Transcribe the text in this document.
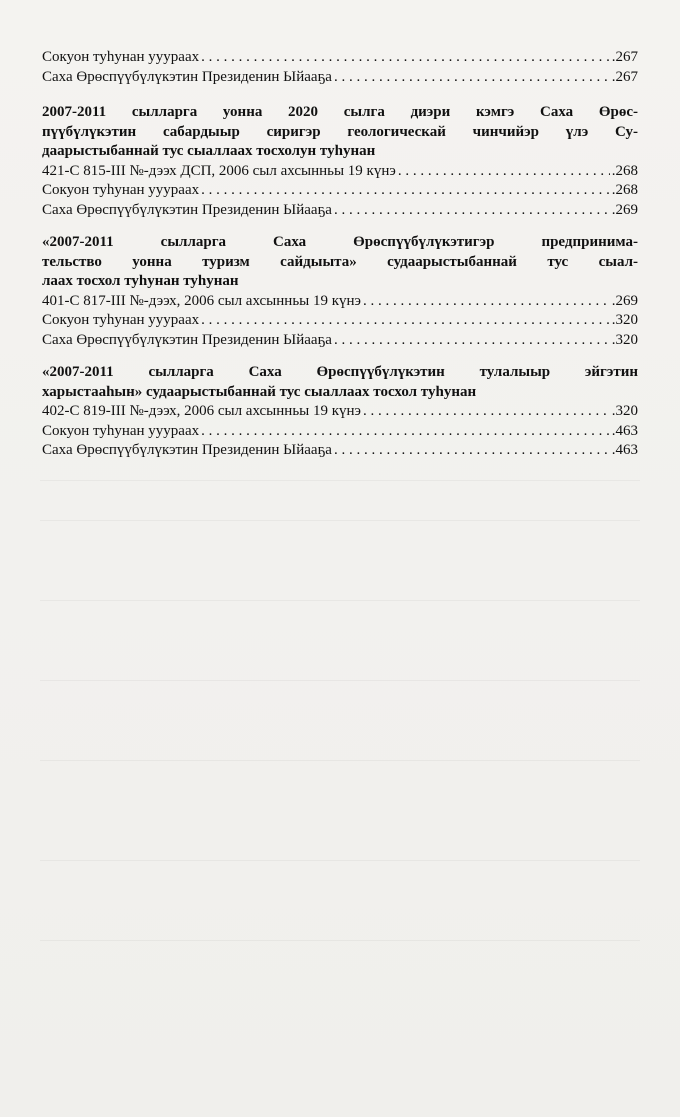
Сокуон туһунан ууураах . . .	.267
Саха Өрөспүүбүлүкэтин Президенин Ыйааҕа . . .	.267
2007-2011 сылларга уонна 2020 сылга диэри кэмгэ Саха Өрөс-
пүүбүлүкэтин сабардыыр сиригэр геологическай чинчийэр үлэ Су-
даарыстыбаннай тус сыаллаах тосхолун туһунан
421-С 815-III №-дээх ДСП, 2006 сыл ахсынньы 19 күнэ . . .	.268
Сокуон туһунан ууураах . . .	.268
Саха Өрөспүүбүлүкэтин Президенин Ыйааҕа . . .	.269
«2007-2011 сылларга Саха Өрөспүүбүлүкэтигэр предпринима-
тельство уонна туризм сайдыыта» судаарыстыбаннай тус сыал-
лаах тосхол туһунан туһунан
401-С 817-III №-дээх, 2006 сыл ахсынньы 19 күнэ . . .	.269
Сокуон туһунан ууураах . . .	.320
Саха Өрөспүүбүлүкэтин Президенин Ыйааҕа . . .	.320
«2007-2011 сылларга Саха Өрөспүүбүлүкэтин тулалыыр эйгэтин
харыстааһын» судаарыстыбаннай тус сыаллаах тосхол туһунан
402-С 819-III №-дээх, 2006 сыл ахсынньы 19 күнэ . . .	.320
Сокуон туһунан ууураах . . .	.463
Саха Өрөспүүбүлүкэтин Президенин Ыйааҕа . . .	.463
